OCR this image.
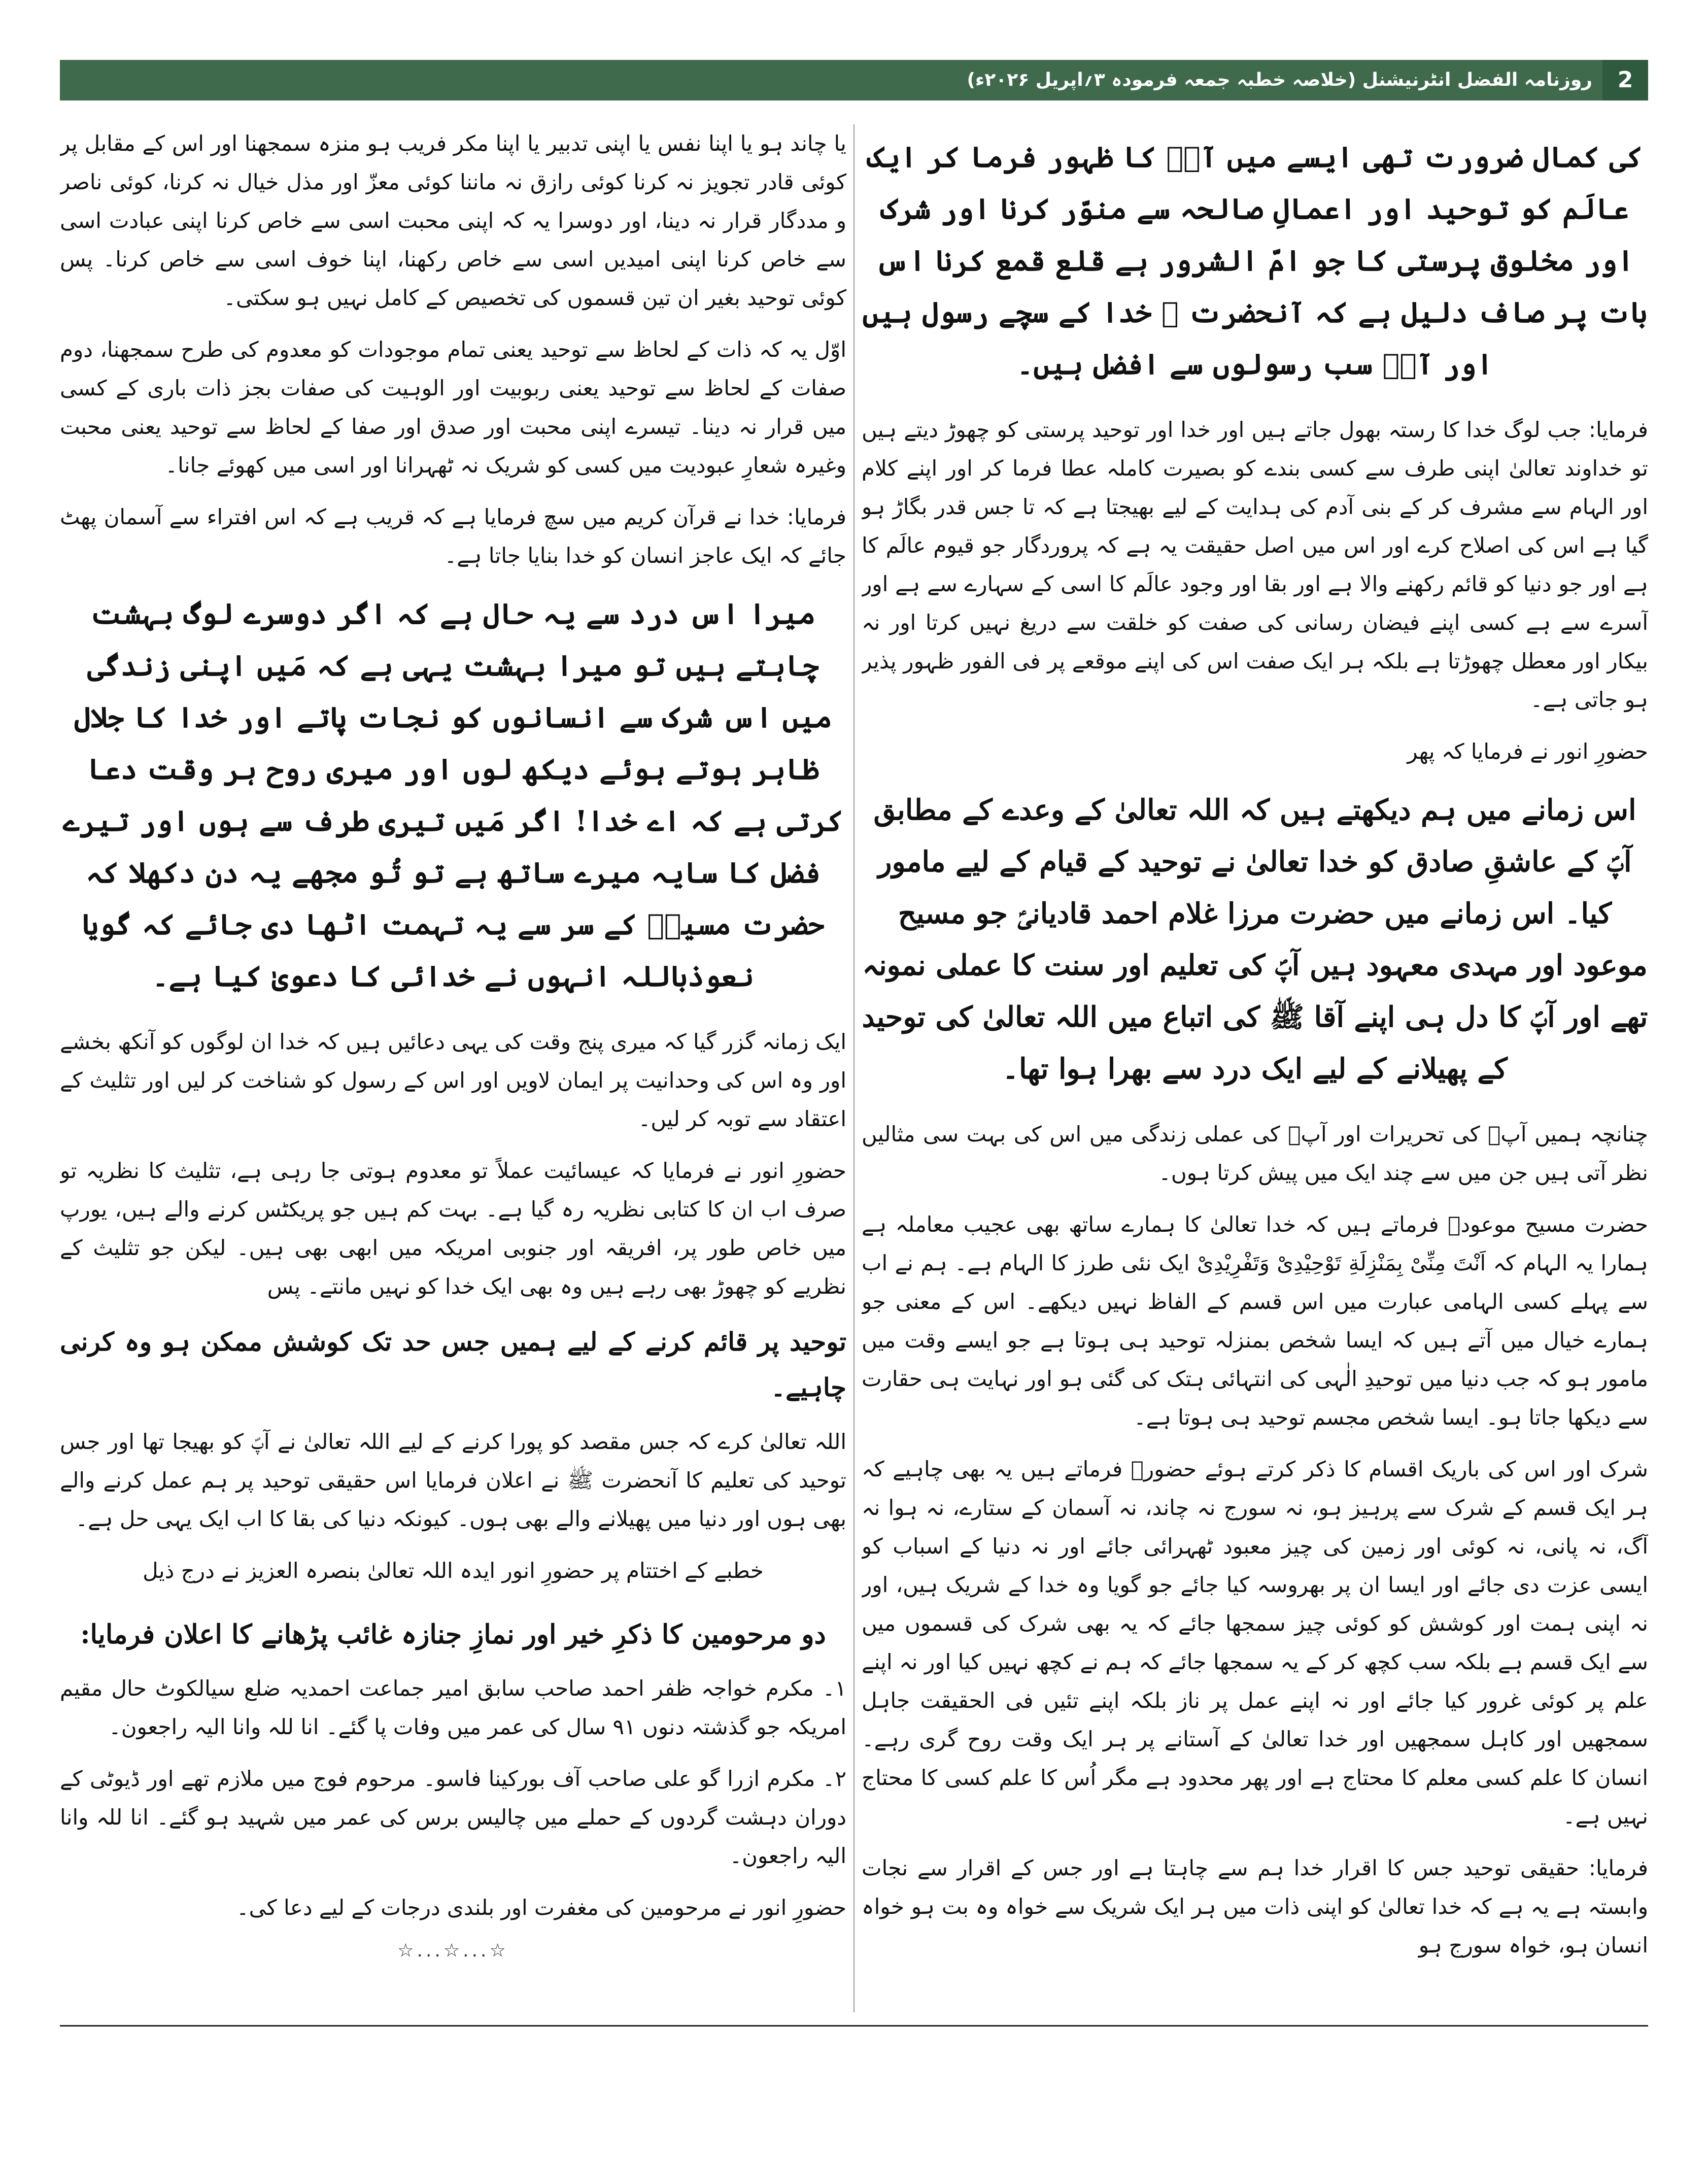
2
روزنامہ الفضل انٹرنیشنل (خلاصہ خطبہ جمعہ فرمودہ ۳؍اپریل ۲۰۲۶ء)

کی کمال ضرورت تھی ایسے میں آپؐ کا ظہور فرما کر ایک عالَم کو توحید اور اعمالِ صالحہ سے منوّر کرنا اور شرک اور مخلوق پرستی کا جو امّ الشرور ہے قلع قمع کرنا اس بات پر صاف دلیل ہے کہ آنحضرت ﷺ خدا کے سچے رسول ہیں اور آپؐ سب رسولوں سے افضل ہیں۔

فرمایا: جب لوگ خدا کا رستہ بھول جاتے ہیں اور خدا اور توحید پرستی کو چھوڑ دیتے ہیں تو خداوند تعالیٰ اپنی طرف سے کسی بندے کو بصیرت کاملہ عطا فرما کر اور اپنے کلام اور الہام سے مشرف کر کے بنی آدم کی ہدایت کے لیے بھیجتا ہے کہ تا جس قدر بگاڑ ہو گیا ہے اس کی اصلاح کرے اور اس میں اصل حقیقت یہ ہے کہ پروردگار جو قیوم عالَم کا ہے اور جو دنیا کو قائم رکھنے والا ہے اور بقا اور وجود عالَم کا اسی کے سہارے سے ہے اور آسرے سے ہے کسی اپنے فیضان رسانی کی صفت کو خلقت سے دریغ نہیں کرتا اور نہ بیکار اور معطل چھوڑتا ہے بلکہ ہر ایک صفت اس کی اپنے موقعے پر فی الفور ظہور پذیر ہو جاتی ہے۔

حضورِ انور نے فرمایا کہ پھر

اس زمانے میں ہم دیکھتے ہیں کہ اللہ تعالیٰ کے وعدے کے مطابق آپؐ کے عاشقِ صادق کو خدا تعالیٰ نے توحید کے قیام کے لیے مامور کیا۔ اس زمانے میں حضرت مرزا غلام احمد قادیانیؑ جو مسیح موعود اور مہدی معہود ہیں آپؐ کی تعلیم اور سنت کا عملی نمونہ تھے اور آپؐ کا دل ہی اپنے آقا ﷺ کی اتباع میں اللہ تعالیٰ کی توحید کے پھیلانے کے لیے ایک درد سے بھرا ہوا تھا۔

چنانچہ ہمیں آپؐ کی تحریرات اور آپؐ کی عملی زندگی میں اس کی بہت سی مثالیں نظر آتی ہیں جن میں سے چند ایک میں پیش کرتا ہوں۔

حضرت مسیح موعودؑ فرماتے ہیں کہ خدا تعالیٰ کا ہمارے ساتھ بھی عجیب معاملہ ہے ہمارا یہ الہام کہ اَنْتَ مِنِّیْ بِمَنْزِلَةِ تَوْحِیْدِیْ وَتَفْرِیْدِیْ ایک نئی طرز کا الہام ہے۔ ہم نے اب سے پہلے کسی الہامی عبارت میں اس قسم کے الفاظ نہیں دیکھے۔ اس کے معنی جو ہمارے خیال میں آتے ہیں کہ ایسا شخص بمنزلہ توحید ہی ہوتا ہے جو ایسے وقت میں مامور ہو کہ جب دنیا میں توحیدِ الٰہی کی انتہائی ہتک کی گئی ہو اور نہایت ہی حقارت سے دیکھا جاتا ہو۔ ایسا شخص مجسم توحید ہی ہوتا ہے۔

شرک اور اس کی باریک اقسام کا ذکر کرتے ہوئے حضورؑ فرماتے ہیں یہ بھی چاہیے کہ ہر ایک قسم کے شرک سے پرہیز ہو، نہ سورج نہ چاند، نہ آسمان کے ستارے، نہ ہوا نہ آگ، نہ پانی، نہ کوئی اور زمین کی چیز معبود ٹھہرائی جائے اور نہ دنیا کے اسباب کو ایسی عزت دی جائے اور ایسا ان پر بھروسہ کیا جائے جو گویا وہ خدا کے شریک ہیں، اور نہ اپنی ہمت اور کوشش کو کوئی چیز سمجھا جائے کہ یہ بھی شرک کی قسموں میں سے ایک قسم ہے بلکہ سب کچھ کر کے یہ سمجھا جائے کہ ہم نے کچھ نہیں کیا اور نہ اپنے علم پر کوئی غرور کیا جائے اور نہ اپنے عمل پر ناز بلکہ اپنے تئیں فی الحقیقت جاہل سمجھیں اور کاہل سمجھیں اور خدا تعالیٰ کے آستانے پر ہر ایک وقت روح گری رہے۔ انسان کا علم کسی معلم کا محتاج ہے اور پھر محدود ہے مگر اُس کا علم کسی کا محتاج نہیں ہے۔

فرمایا: حقیقی توحید جس کا اقرار خدا ہم سے چاہتا ہے اور جس کے اقرار سے نجات وابستہ ہے یہ ہے کہ خدا تعالیٰ کو اپنی ذات میں ہر ایک شریک سے خواہ وہ بت ہو خواہ انسان ہو، خواہ سورج ہو

یا چاند ہو یا اپنا نفس یا اپنی تدبیر یا اپنا مکر فریب ہو منزہ سمجھنا اور اس کے مقابل پر کوئی قادر تجویز نہ کرنا کوئی رازق نہ ماننا کوئی معزّ اور مذل خیال نہ کرنا، کوئی ناصر و مددگار قرار نہ دینا، اور دوسرا یہ کہ اپنی محبت اسی سے خاص کرنا اپنی عبادت اسی سے خاص کرنا اپنی امیدیں اسی سے خاص رکھنا، اپنا خوف اسی سے خاص کرنا۔ پس کوئی توحید بغیر ان تین قسموں کی تخصیص کے کامل نہیں ہو سکتی۔

اوّل یہ کہ ذات کے لحاظ سے توحید یعنی تمام موجودات کو معدوم کی طرح سمجھنا، دوم صفات کے لحاظ سے توحید یعنی ربوبیت اور الوہیت کی صفات بجز ذات باری کے کسی میں قرار نہ دینا۔ تیسرے اپنی محبت اور صدق اور صفا کے لحاظ سے توحید یعنی محبت وغیرہ شعارِ عبودیت میں کسی کو شریک نہ ٹھہرانا اور اسی میں کھوئے جانا۔

فرمایا: خدا نے قرآن کریم میں سچ فرمایا ہے کہ قریب ہے کہ اس افتراء سے آسمان پھٹ جائے کہ ایک عاجز انسان کو خدا بنایا جاتا ہے۔

میرا اس درد سے یہ حال ہے کہ اگر دوسرے لوگ بہشت چاہتے ہیں تو میرا بہشت یہی ہے کہ مَیں اپنی زندگی میں اس شرک سے انسانوں کو نجات پاتے اور خدا کا جلال ظاہر ہوتے ہوئے دیکھ لوں اور میری روح ہر وقت دعا کرتی ہے کہ اے خدا! اگر مَیں تیری طرف سے ہوں اور تیرے فضل کا سایہ میرے ساتھ ہے تو تُو مجھے یہ دن دکھلا کہ حضرت مسیحؑ کے سر سے یہ تہمت اٹھا دی جائے کہ گویا نعوذباللہ انہوں نے خدائی کا دعویٰ کیا ہے۔

ایک زمانہ گزر گیا کہ میری پنج وقت کی یہی دعائیں ہیں کہ خدا ان لوگوں کو آنکھ بخشے اور وہ اس کی وحدانیت پر ایمان لاویں اور اس کے رسول کو شناخت کر لیں اور تثلیث کے اعتقاد سے توبہ کر لیں۔

حضورِ انور نے فرمایا کہ عیسائیت عملاً تو معدوم ہوتی جا رہی ہے، تثلیث کا نظریہ تو صرف اب ان کا کتابی نظریہ رہ گیا ہے۔ بہت کم ہیں جو پریکٹس کرنے والے ہیں، یورپ میں خاص طور پر، افریقہ اور جنوبی امریکہ میں ابھی بھی ہیں۔ لیکن جو تثلیث کے نظریے کو چھوڑ بھی رہے ہیں وہ بھی ایک خدا کو نہیں مانتے۔ پس

توحید پر قائم کرنے کے لیے ہمیں جس حد تک کوشش ممکن ہو وہ کرنی چاہیے۔

اللہ تعالیٰ کرے کہ جس مقصد کو پورا کرنے کے لیے اللہ تعالیٰ نے آپؐ کو بھیجا تھا اور جس توحید کی تعلیم کا آنحضرت ﷺ نے اعلان فرمایا اس حقیقی توحید پر ہم عمل کرنے والے بھی ہوں اور دنیا میں پھیلانے والے بھی ہوں۔ کیونکہ دنیا کی بقا کا اب ایک یہی حل ہے۔

خطبے کے اختتام پر حضورِ انور ایدہ اللہ تعالیٰ بنصرہ العزیز نے درج ذیل

دو مرحومین کا ذکرِ خیر اور نمازِ جنازہ غائب پڑھانے کا اعلان فرمایا:

۱۔ مکرم خواجہ ظفر احمد صاحب سابق امیر جماعت احمدیہ ضلع سیالکوٹ حال مقیم امریکہ جو گذشتہ دنوں ۹۱ سال کی عمر میں وفات پا گئے۔ انا للہ وانا الیہ راجعون۔

۲۔ مکرم ازرا گو علی صاحب آف بورکینا فاسو۔ مرحوم فوج میں ملازم تھے اور ڈیوٹی کے دوران دہشت گردوں کے حملے میں چالیس برس کی عمر میں شہید ہو گئے۔ انا للہ وانا الیہ راجعون۔

حضورِ انور نے مرحومین کی مغفرت اور بلندی درجات کے لیے دعا کی۔

☆...☆...☆
